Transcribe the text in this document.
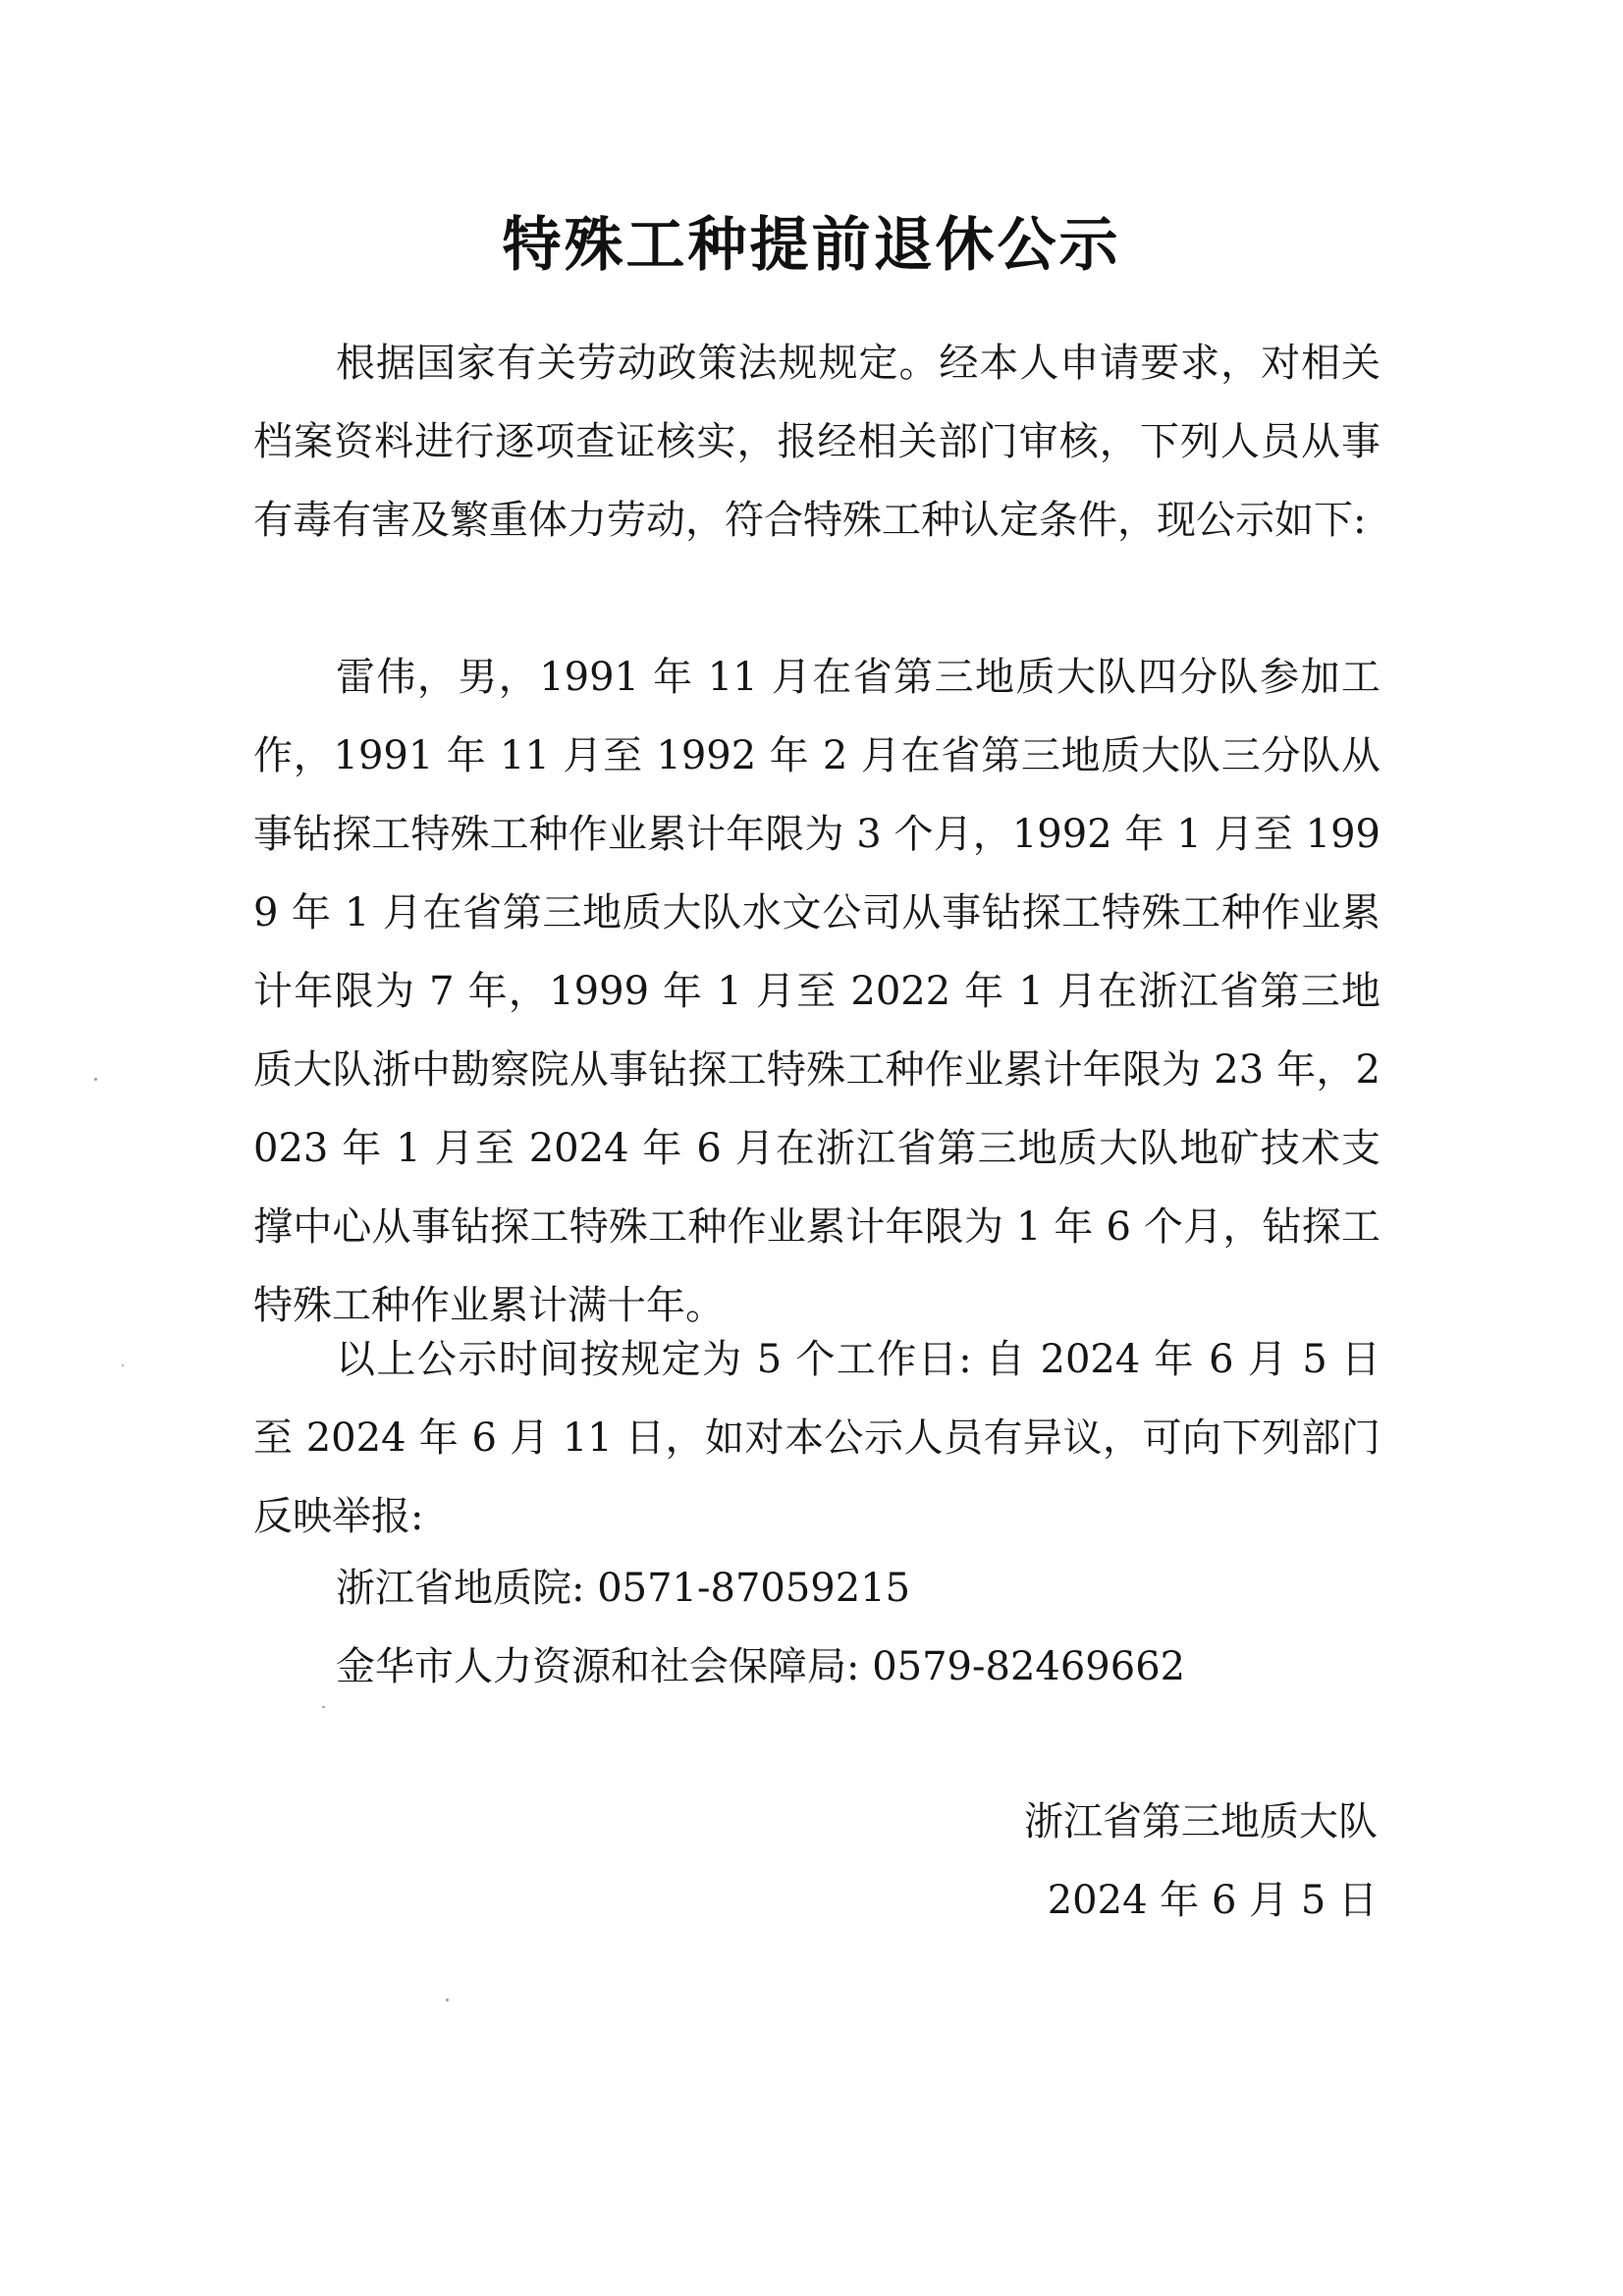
特殊工种提前退休公示

根据国家有关劳动政策法规规定。经本人申请要求，对相关档案资料进行逐项查证核实，报经相关部门审核，下列人员从事有毒有害及繁重体力劳动，符合特殊工种认定条件，现公示如下:

雷伟，男，1991 年 11 月在省第三地质大队四分队参加工作，1991 年 11 月至 1992 年 2 月在省第三地质大队三分队从事钻探工特殊工种作业累计年限为 3 个月，1992 年 1 月至 1999 年 1 月在省第三地质大队水文公司从事钻探工特殊工种作业累计年限为 7 年，1999 年 1 月至 2022 年 1 月在浙江省第三地质大队浙中勘察院从事钻探工特殊工种作业累计年限为 23 年，2023 年 1 月至 2024 年 6 月在浙江省第三地质大队地矿技术支撑中心从事钻探工特殊工种作业累计年限为 1 年 6 个月，钻探工特殊工种作业累计满十年。

以上公示时间按规定为 5 个工作日: 自 2024 年 6 月 5 日至 2024 年 6 月 11 日，如对本公示人员有异议，可向下列部门反映举报:

浙江省地质院: 0571-87059215
金华市人力资源和社会保障局: 0579-82469662
浙江省第三地质大队
2024 年 6 月 5 日
